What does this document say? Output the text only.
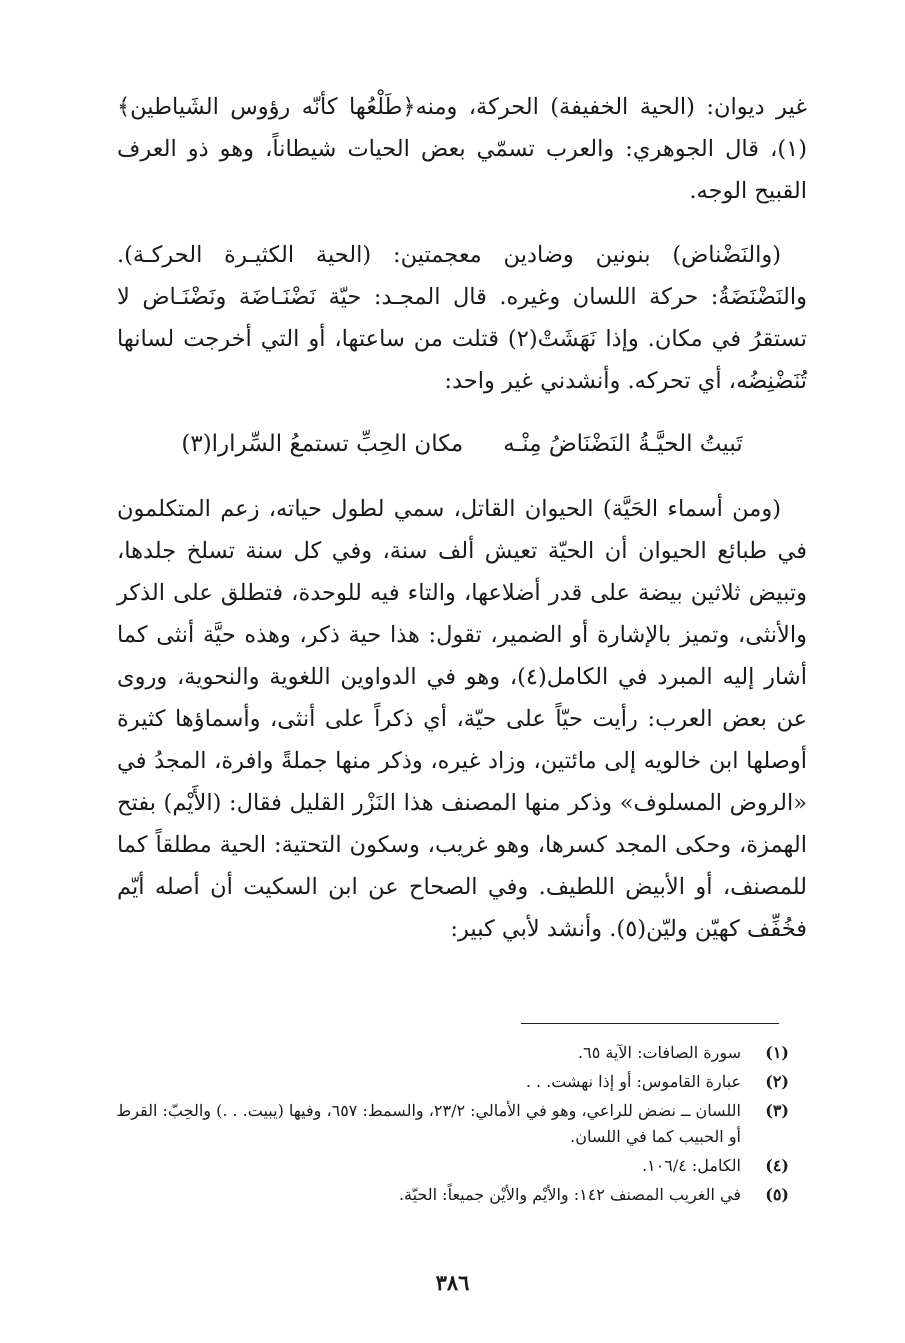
غير ديوان: (الحية الخفيفة) الحركة، ومنه﴿طَلْعُها كأنّه رؤوس الشَياطين﴾(١)، قال الجوهري: والعرب تسمّي بعض الحيات شيطاناً، وهو ذو العرف القبيح الوجه.

(والنَضْناض) بنونين وضادين معجمتين: (الحية الكثيـرة الحركـة). والنَضْنَضَةُ: حركة اللسان وغيره. قال المجـد: حيّة نَضْنَـاضَة ونَضْنَـاض لا تستقرُ في مكان. وإذا نَهَشَتْ(٢) قتلت من ساعتها، أو التي أخرجت لسانها تُنَضْنِضُه، أي تحركه. وأنشدني غير واحد:

تَبيتُ الحيَّـةُ النَضْنَاضُ مِنْـه
مكان الحِبِّ تستمعُ السِّرارا(٣)

(ومن أسماء الحَيَّة) الحيوان القاتل، سمي لطول حياته، زعم المتكلمون في طبائع الحيوان أن الحيّة تعيش ألف سنة، وفي كل سنة تسلخ جلدها، وتبيض ثلاثين بيضة على قدر أضلاعها، والتاء فيه للوحدة، فتطلق على الذكر والأنثى، وتميز بالإشارة أو الضمير، تقول: هذا حية ذكر، وهذه حيَّة أنثى كما أشار إليه المبرد في الكامل(٤)، وهو في الدواوين اللغوية والنحوية، وروى عن بعض العرب: رأيت حيّاً على حيّة، أي ذكراً على أنثى، وأسماؤها كثيرة أوصلها ابن خالويه إلى مائتين، وزاد غيره، وذكر منها جملةً وافرة، المجدُ في «الروض المسلوف» وذكر منها المصنف هذا النَزْر القليل فقال: (الأَيْم) بفتح الهمزة، وحكى المجد كسرها، وهو غريب، وسكون التحتية: الحية مطلقاً كما للمصنف، أو الأبيض اللطيف. وفي الصحاح عن ابن السكيت أن أصله أيّم فخُفِّف كهيّن وليّن(٥). وأنشد لأبي كبير:

(١)
سورة الصافات: الآية ٦٥.
(٢)
عبارة القاموس: أو إذا نهشت. . .
(٣)
اللسان ــ نضض للراعي، وهو في الأمالي: ٢٣/٢، والسمط: ٦٥٧، وفيها (يبيت. . .) والحِبّ: القرط أو الحبيب كما في اللسان.
(٤)
الكامل: ١٠٦/٤.
(٥)
في الغريب المصنف ١٤٢: والأيْم والأيْن جميعاً: الحيّة.
٣٨٦
